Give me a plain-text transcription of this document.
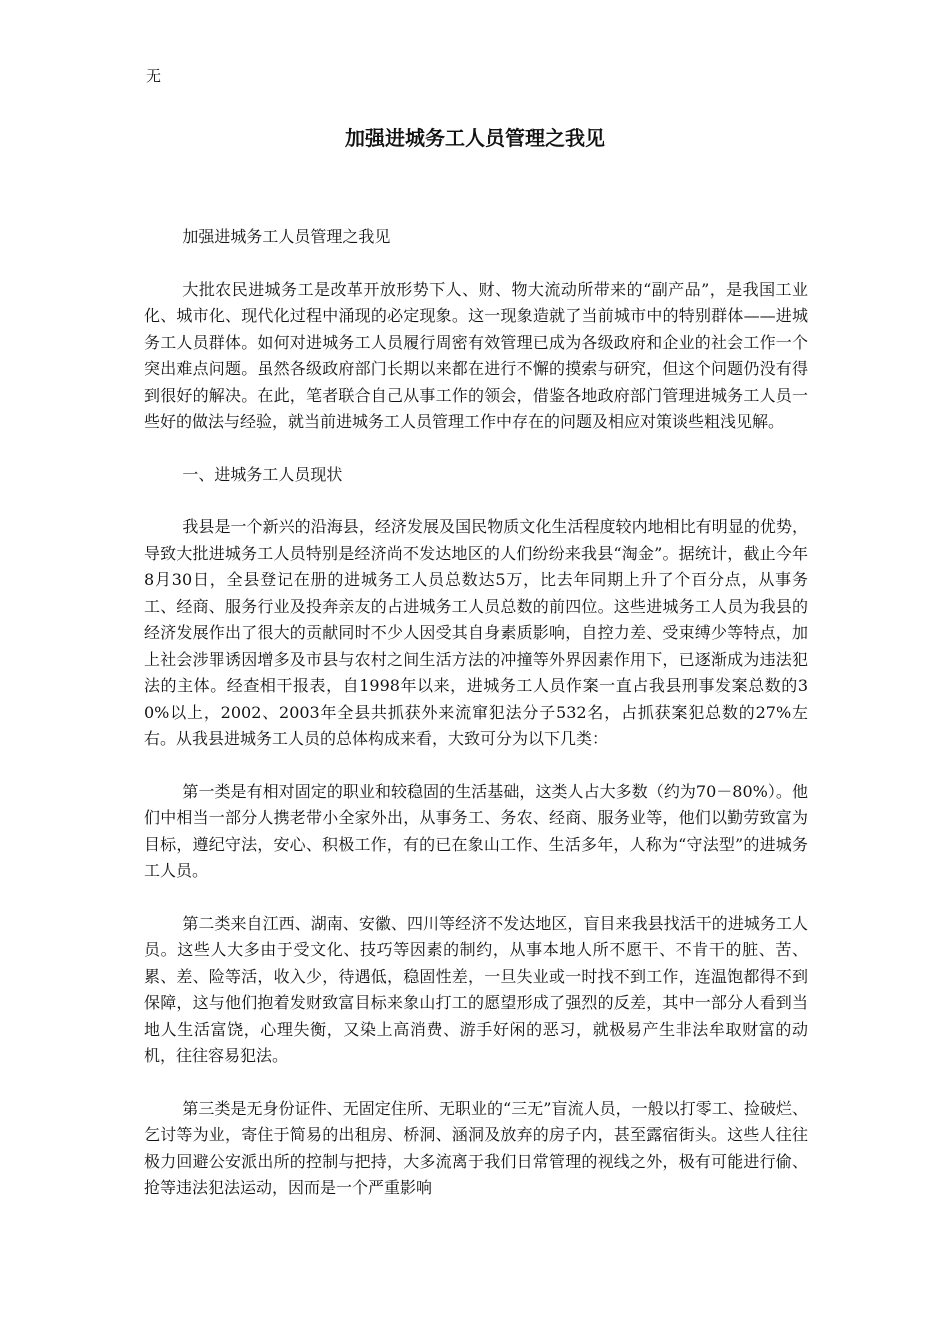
无
加强进城务工人员管理之我见

加强进城务工人员管理之我见

大批农民进城务工是改革开放形势下人、财、物大流动所带来的“副产品”，是我国工业化、城市化、现代化过程中涌现的必定现象。这一现象造就了当前城市中的特别群体——进城务工人员群体。如何对进城务工人员履行周密有效管理已成为各级政府和企业的社会工作一个突出难点问题。虽然各级政府部门长期以来都在进行不懈的摸索与研究，但这个问题仍没有得到很好的解决。在此，笔者联合自己从事工作的领会，借鉴各地政府部门管理进城务工人员一些好的做法与经验，就当前进城务工人员管理工作中存在的问题及相应对策谈些粗浅见解。

一、进城务工人员现状

我县是一个新兴的沿海县，经济发展及国民物质文化生活程度较内地相比有明显的优势，导致大批进城务工人员特别是经济尚不发达地区的人们纷纷来我县“淘金”。据统计，截止今年8月30日，全县登记在册的进城务工人员总数达5万，比去年同期上升了个百分点，从事务工、经商、服务行业及投奔亲友的占进城务工人员总数的前四位。这些进城务工人员为我县的经济发展作出了很大的贡献同时不少人因受其自身素质影响，自控力差、受束缚少等特点，加上社会涉罪诱因增多及市县与农村之间生活方法的冲撞等外界因素作用下，已逐渐成为违法犯法的主体。经查相干报表，自1998年以来，进城务工人员作案一直占我县刑事发案总数的30%以上，2002、2003年全县共抓获外来流窜犯法分子532名，占抓获案犯总数的27%左右。从我县进城务工人员的总体构成来看，大致可分为以下几类：

第一类是有相对固定的职业和较稳固的生活基础，这类人占大多数（约为70－80%）。他们中相当一部分人携老带小全家外出，从事务工、务农、经商、服务业等，他们以勤劳致富为目标，遵纪守法，安心、积极工作，有的已在象山工作、生活多年，人称为“守法型”的进城务工人员。

第二类来自江西、湖南、安徽、四川等经济不发达地区，盲目来我县找活干的进城务工人员。这些人大多由于受文化、技巧等因素的制约，从事本地人所不愿干、不肯干的脏、苦、累、差、险等活，收入少，待遇低，稳固性差，一旦失业或一时找不到工作，连温饱都得不到保障，这与他们抱着发财致富目标来象山打工的愿望形成了强烈的反差，其中一部分人看到当地人生活富饶，心理失衡，又染上高消费、游手好闲的恶习，就极易产生非法牟取财富的动机，往往容易犯法。

第三类是无身份证件、无固定住所、无职业的“三无”盲流人员，一般以打零工、捡破烂、乞讨等为业，寄住于简易的出租房、桥洞、涵洞及放弃的房子内，甚至露宿街头。这些人往往极力回避公安派出所的控制与把持，大多流离于我们日常管理的视线之外，极有可能进行偷、抢等违法犯法运动，因而是一个严重影响
